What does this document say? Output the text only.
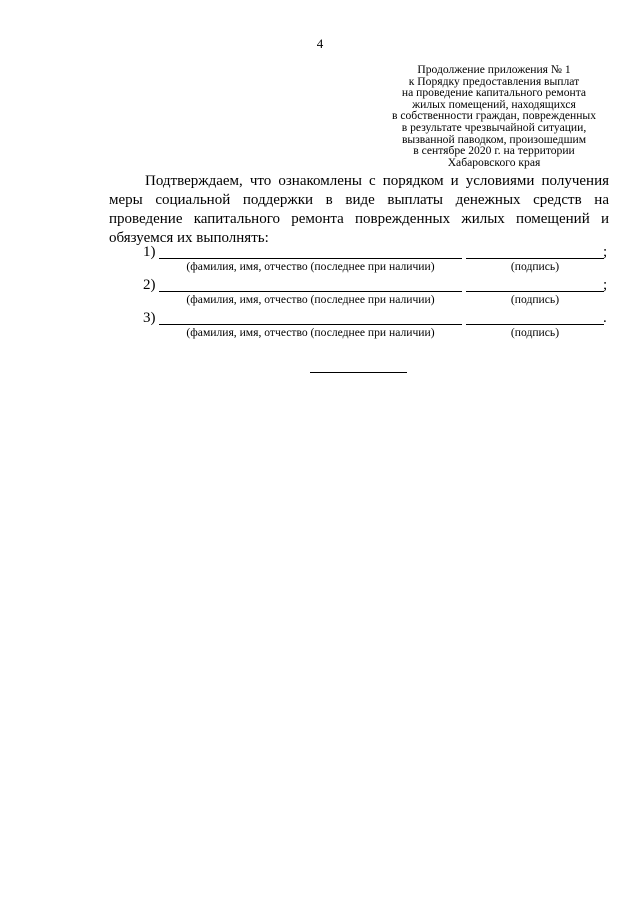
4
Продолжение приложения № 1
к Порядку предоставления выплат
на проведение капитального ремонта
жилых помещений, находящихся
в собственности граждан, поврежденных
в результате чрезвычайной ситуации,
вызванной паводком, произошедшим
в сентябре 2020 г. на территории
Хабаровского края

Подтверждаем, что ознакомлены с порядком и условиями получения меры социальной поддержки в виде выплаты денежных средств на проведение капитального ремонта поврежденных жилых помещений и обязуемся их выполнять:

1)	;
(фамилия, имя, отчество (последнее при наличии)	(подпись)
2)	;
(фамилия, имя, отчество (последнее при наличии)	(подпись)
3)	.
(фамилия, имя, отчество (последнее при наличии)	(подпись)
